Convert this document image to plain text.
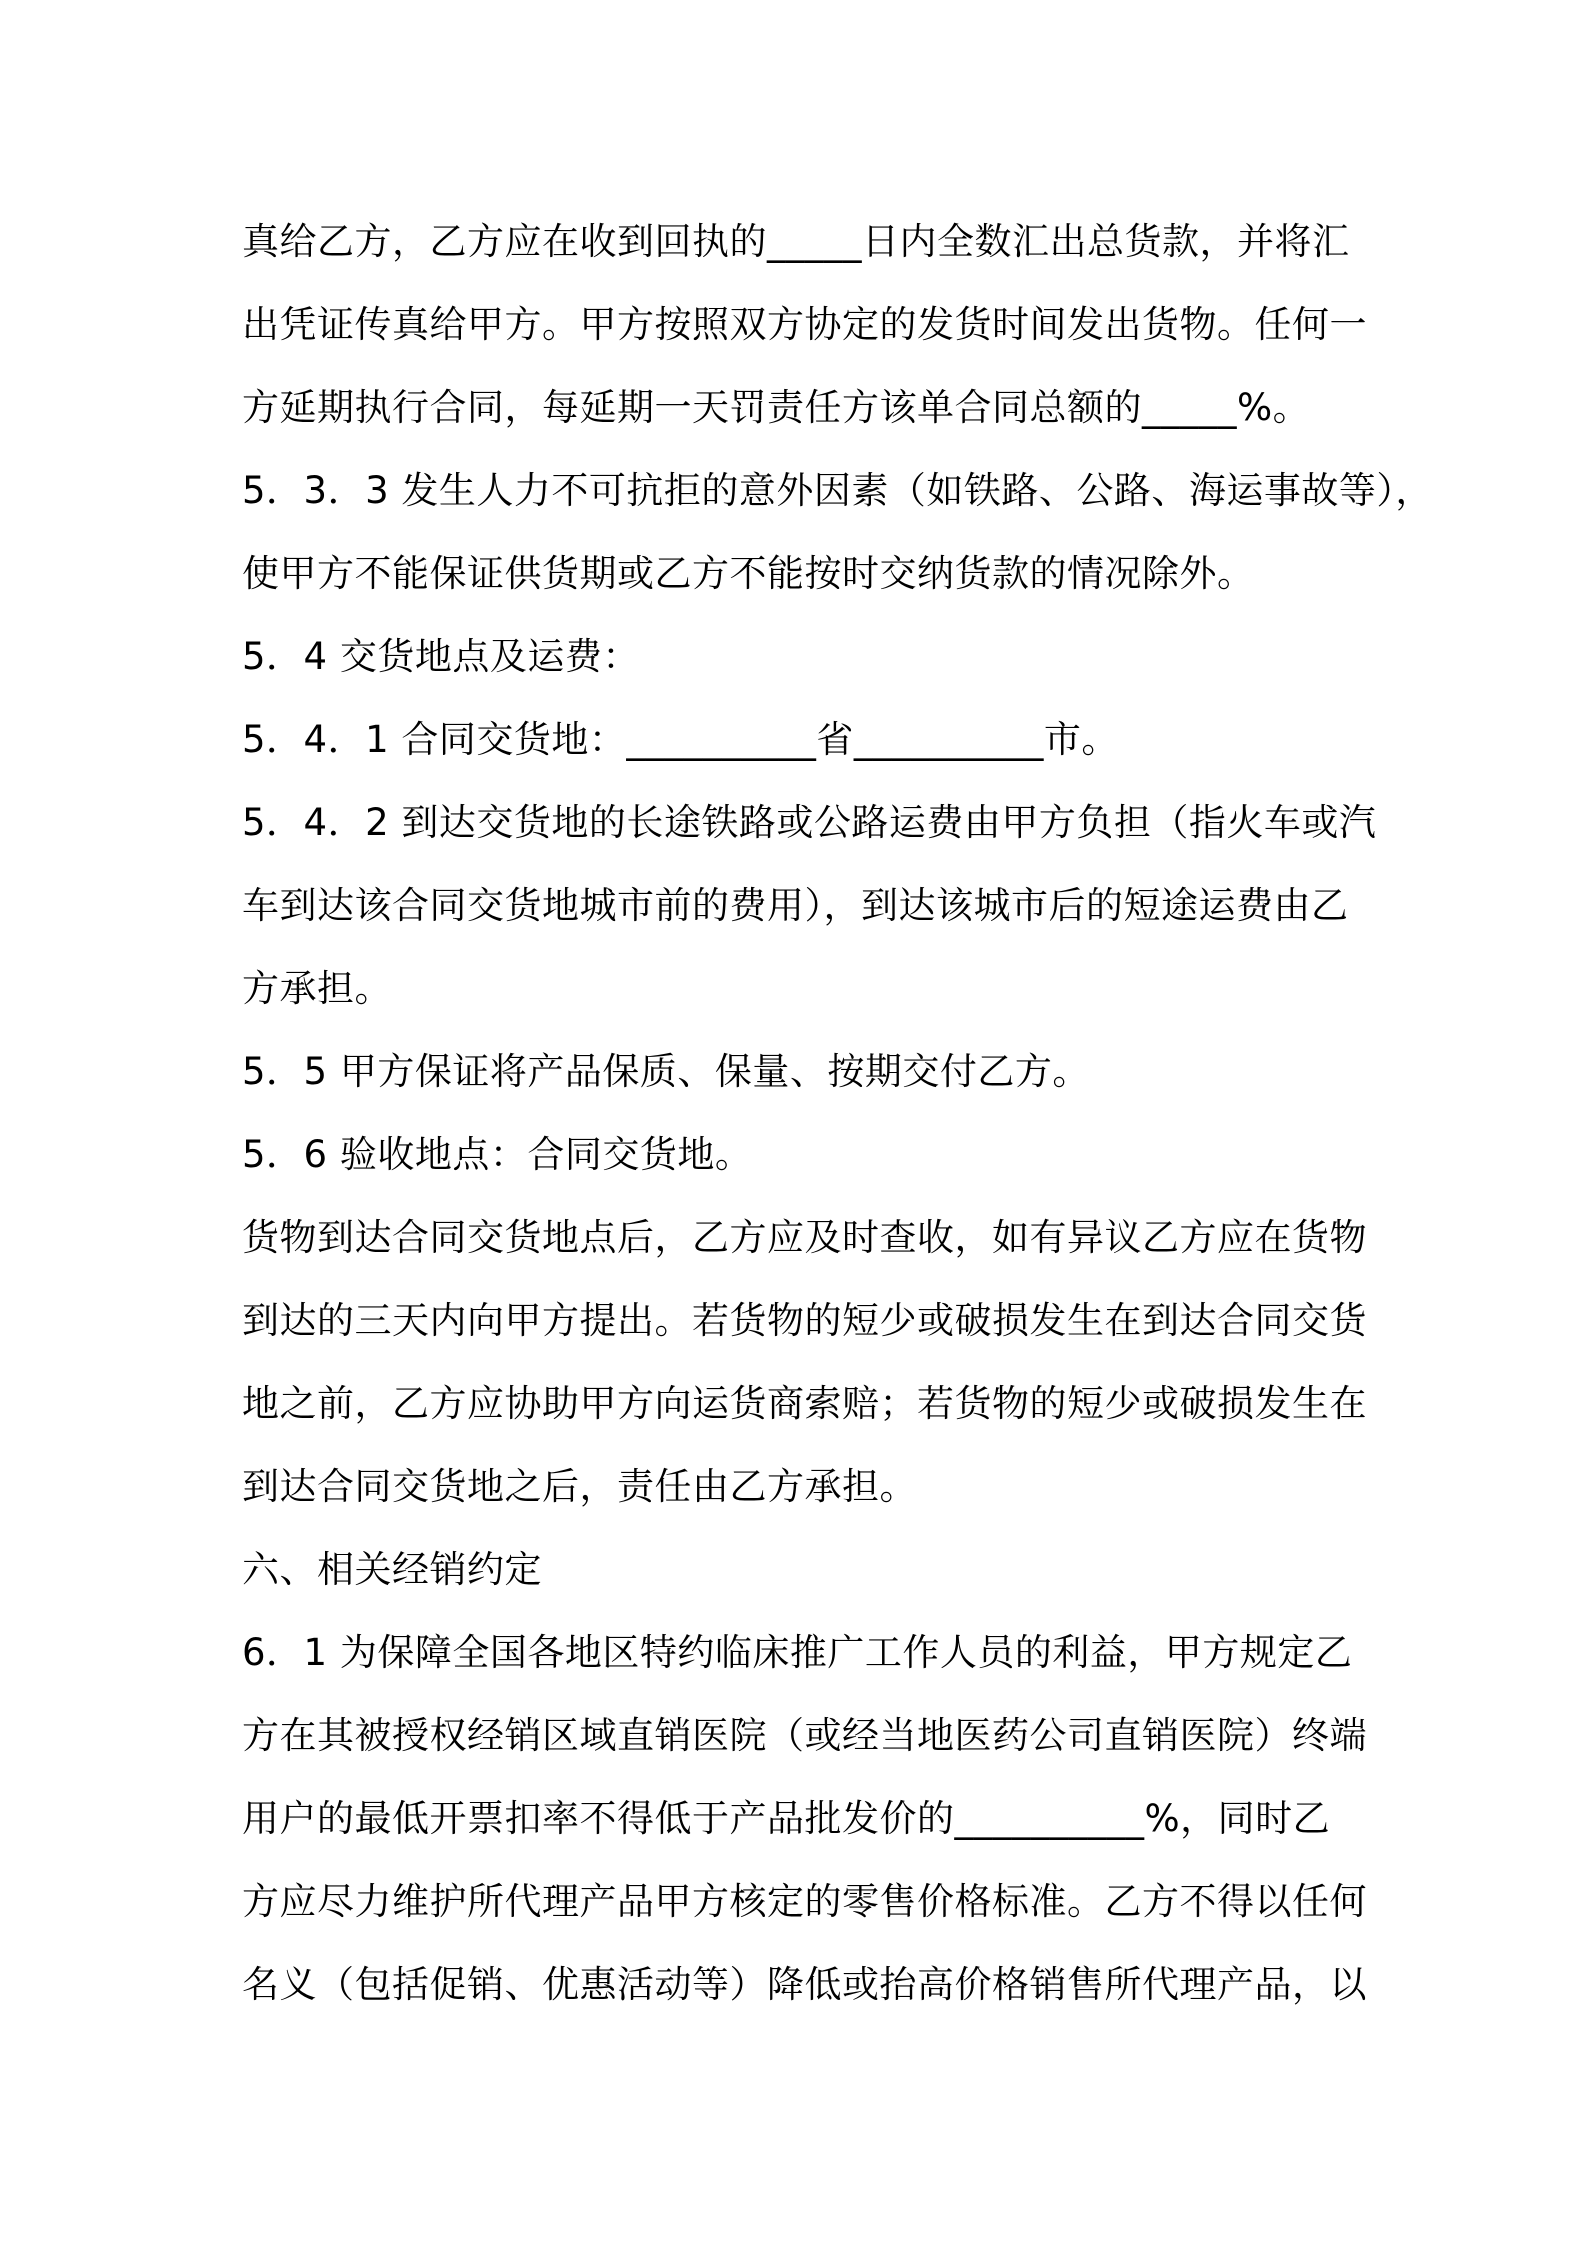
真给乙方，乙方应在收到回执的_____日内全数汇出总货款，并将汇
出凭证传真给甲方。甲方按照双方协定的发货时间发出货物。任何一
方延期执行合同，每延期一天罚责任方该单合同总额的_____%。
5．3．3 发生人力不可抗拒的意外因素（如铁路、公路、海运事故等），
使甲方不能保证供货期或乙方不能按时交纳货款的情况除外。
5．4 交货地点及运费：
5．4．1 合同交货地：__________省__________市。
5．4．2 到达交货地的长途铁路或公路运费由甲方负担（指火车或汽
车到达该合同交货地城市前的费用），到达该城市后的短途运费由乙
方承担。
5．5 甲方保证将产品保质、保量、按期交付乙方。
5．6 验收地点：合同交货地。
货物到达合同交货地点后，乙方应及时查收，如有异议乙方应在货物
到达的三天内向甲方提出。若货物的短少或破损发生在到达合同交货
地之前，乙方应协助甲方向运货商索赔；若货物的短少或破损发生在
到达合同交货地之后，责任由乙方承担。
六、相关经销约定
6．1 为保障全国各地区特约临床推广工作人员的利益，甲方规定乙
方在其被授权经销区域直销医院（或经当地医药公司直销医院）终端
用户的最低开票扣率不得低于产品批发价的__________%，同时乙
方应尽力维护所代理产品甲方核定的零售价格标准。乙方不得以任何
名义（包括促销、优惠活动等）降低或抬高价格销售所代理产品，以
